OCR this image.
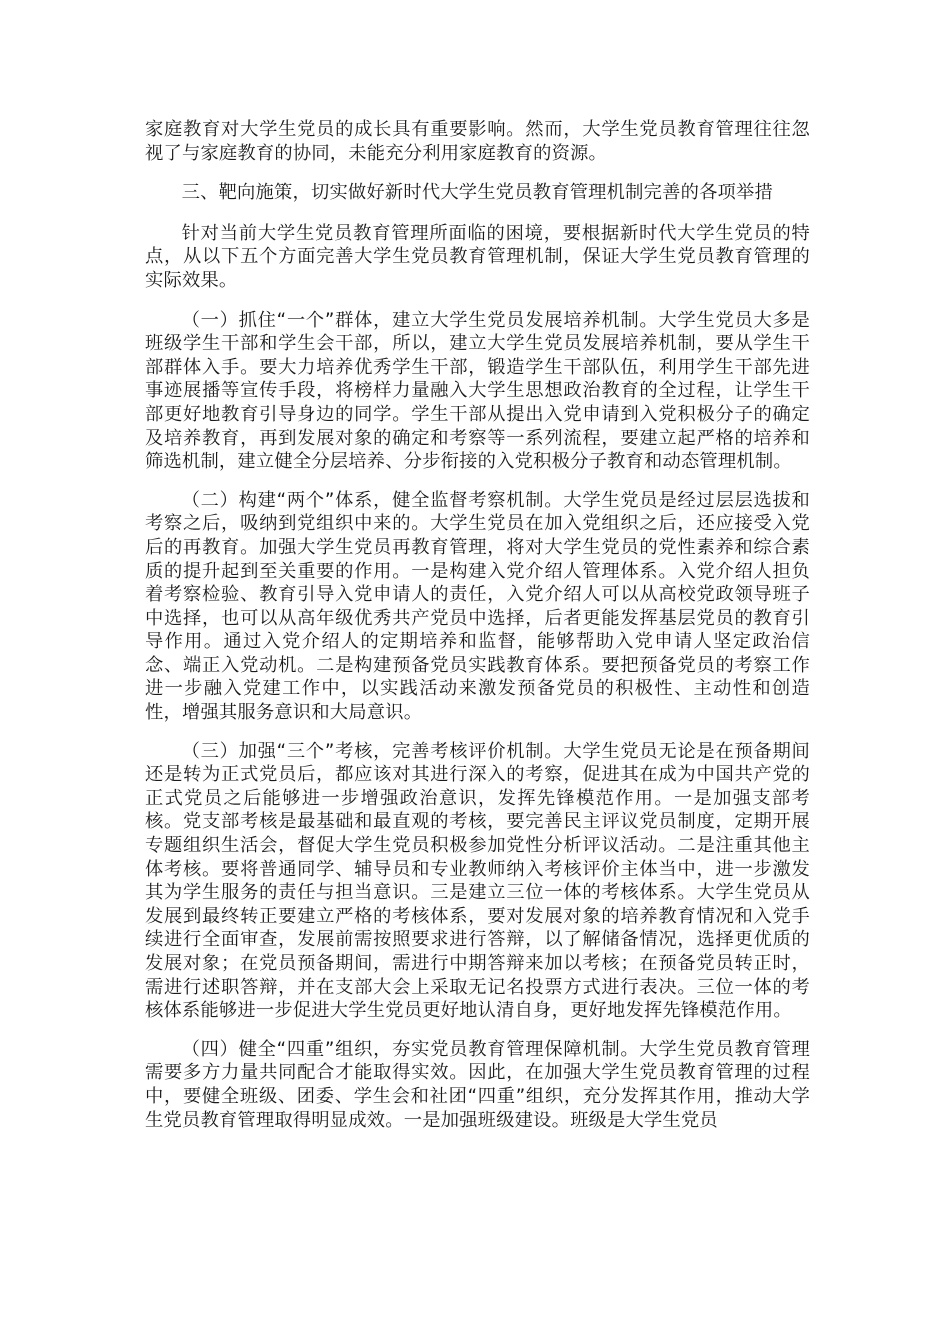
家庭教育对大学生党员的成长具有重要影响。然而，大学生党员教育管理往往忽视了与家庭教育的协同，未能充分利用家庭教育的资源。

三、靶向施策，切实做好新时代大学生党员教育管理机制完善的各项举措

针对当前大学生党员教育管理所面临的困境，要根据新时代大学生党员的特点，从以下五个方面完善大学生党员教育管理机制，保证大学生党员教育管理的实际效果。

（一）抓住“一个”群体，建立大学生党员发展培养机制。大学生党员大多是班级学生干部和学生会干部，所以，建立大学生党员发展培养机制，要从学生干部群体入手。要大力培养优秀学生干部，锻造学生干部队伍，利用学生干部先进事迹展播等宣传手段，将榜样力量融入大学生思想政治教育的全过程，让学生干部更好地教育引导身边的同学。学生干部从提出入党申请到入党积极分子的确定及培养教育，再到发展对象的确定和考察等一系列流程，要建立起严格的培养和筛选机制，建立健全分层培养、分步衔接的入党积极分子教育和动态管理机制。

（二）构建“两个”体系，健全监督考察机制。大学生党员是经过层层选拔和考察之后，吸纳到党组织中来的。大学生党员在加入党组织之后，还应接受入党后的再教育。加强大学生党员再教育管理，将对大学生党员的党性素养和综合素质的提升起到至关重要的作用。一是构建入党介绍人管理体系。入党介绍人担负着考察检验、教育引导入党申请人的责任，入党介绍人可以从高校党政领导班子中选择，也可以从高年级优秀共产党员中选择，后者更能发挥基层党员的教育引导作用。通过入党介绍人的定期培养和监督，能够帮助入党申请人坚定政治信念、端正入党动机。二是构建预备党员实践教育体系。要把预备党员的考察工作进一步融入党建工作中，以实践活动来激发预备党员的积极性、主动性和创造性，增强其服务意识和大局意识。

（三）加强“三个”考核，完善考核评价机制。大学生党员无论是在预备期间还是转为正式党员后，都应该对其进行深入的考察，促进其在成为中国共产党的正式党员之后能够进一步增强政治意识，发挥先锋模范作用。一是加强支部考核。党支部考核是最基础和最直观的考核，要完善民主评议党员制度，定期开展专题组织生活会，督促大学生党员积极参加党性分析评议活动。二是注重其他主体考核。要将普通同学、辅导员和专业教师纳入考核评价主体当中，进一步激发其为学生服务的责任与担当意识。三是建立三位一体的考核体系。大学生党员从发展到最终转正要建立严格的考核体系，要对发展对象的培养教育情况和入党手续进行全面审查，发展前需按照要求进行答辩，以了解储备情况，选择更优质的发展对象；在党员预备期间，需进行中期答辩来加以考核；在预备党员转正时，需进行述职答辩，并在支部大会上采取无记名投票方式进行表决。三位一体的考核体系能够进一步促进大学生党员更好地认清自身，更好地发挥先锋模范作用。

（四）健全“四重”组织，夯实党员教育管理保障机制。大学生党员教育管理需要多方力量共同配合才能取得实效。因此，在加强大学生党员教育管理的过程中，要健全班级、团委、学生会和社团“四重”组织，充分发挥其作用，推动大学生党员教育管理取得明显成效。一是加强班级建设。班级是大学生党员
